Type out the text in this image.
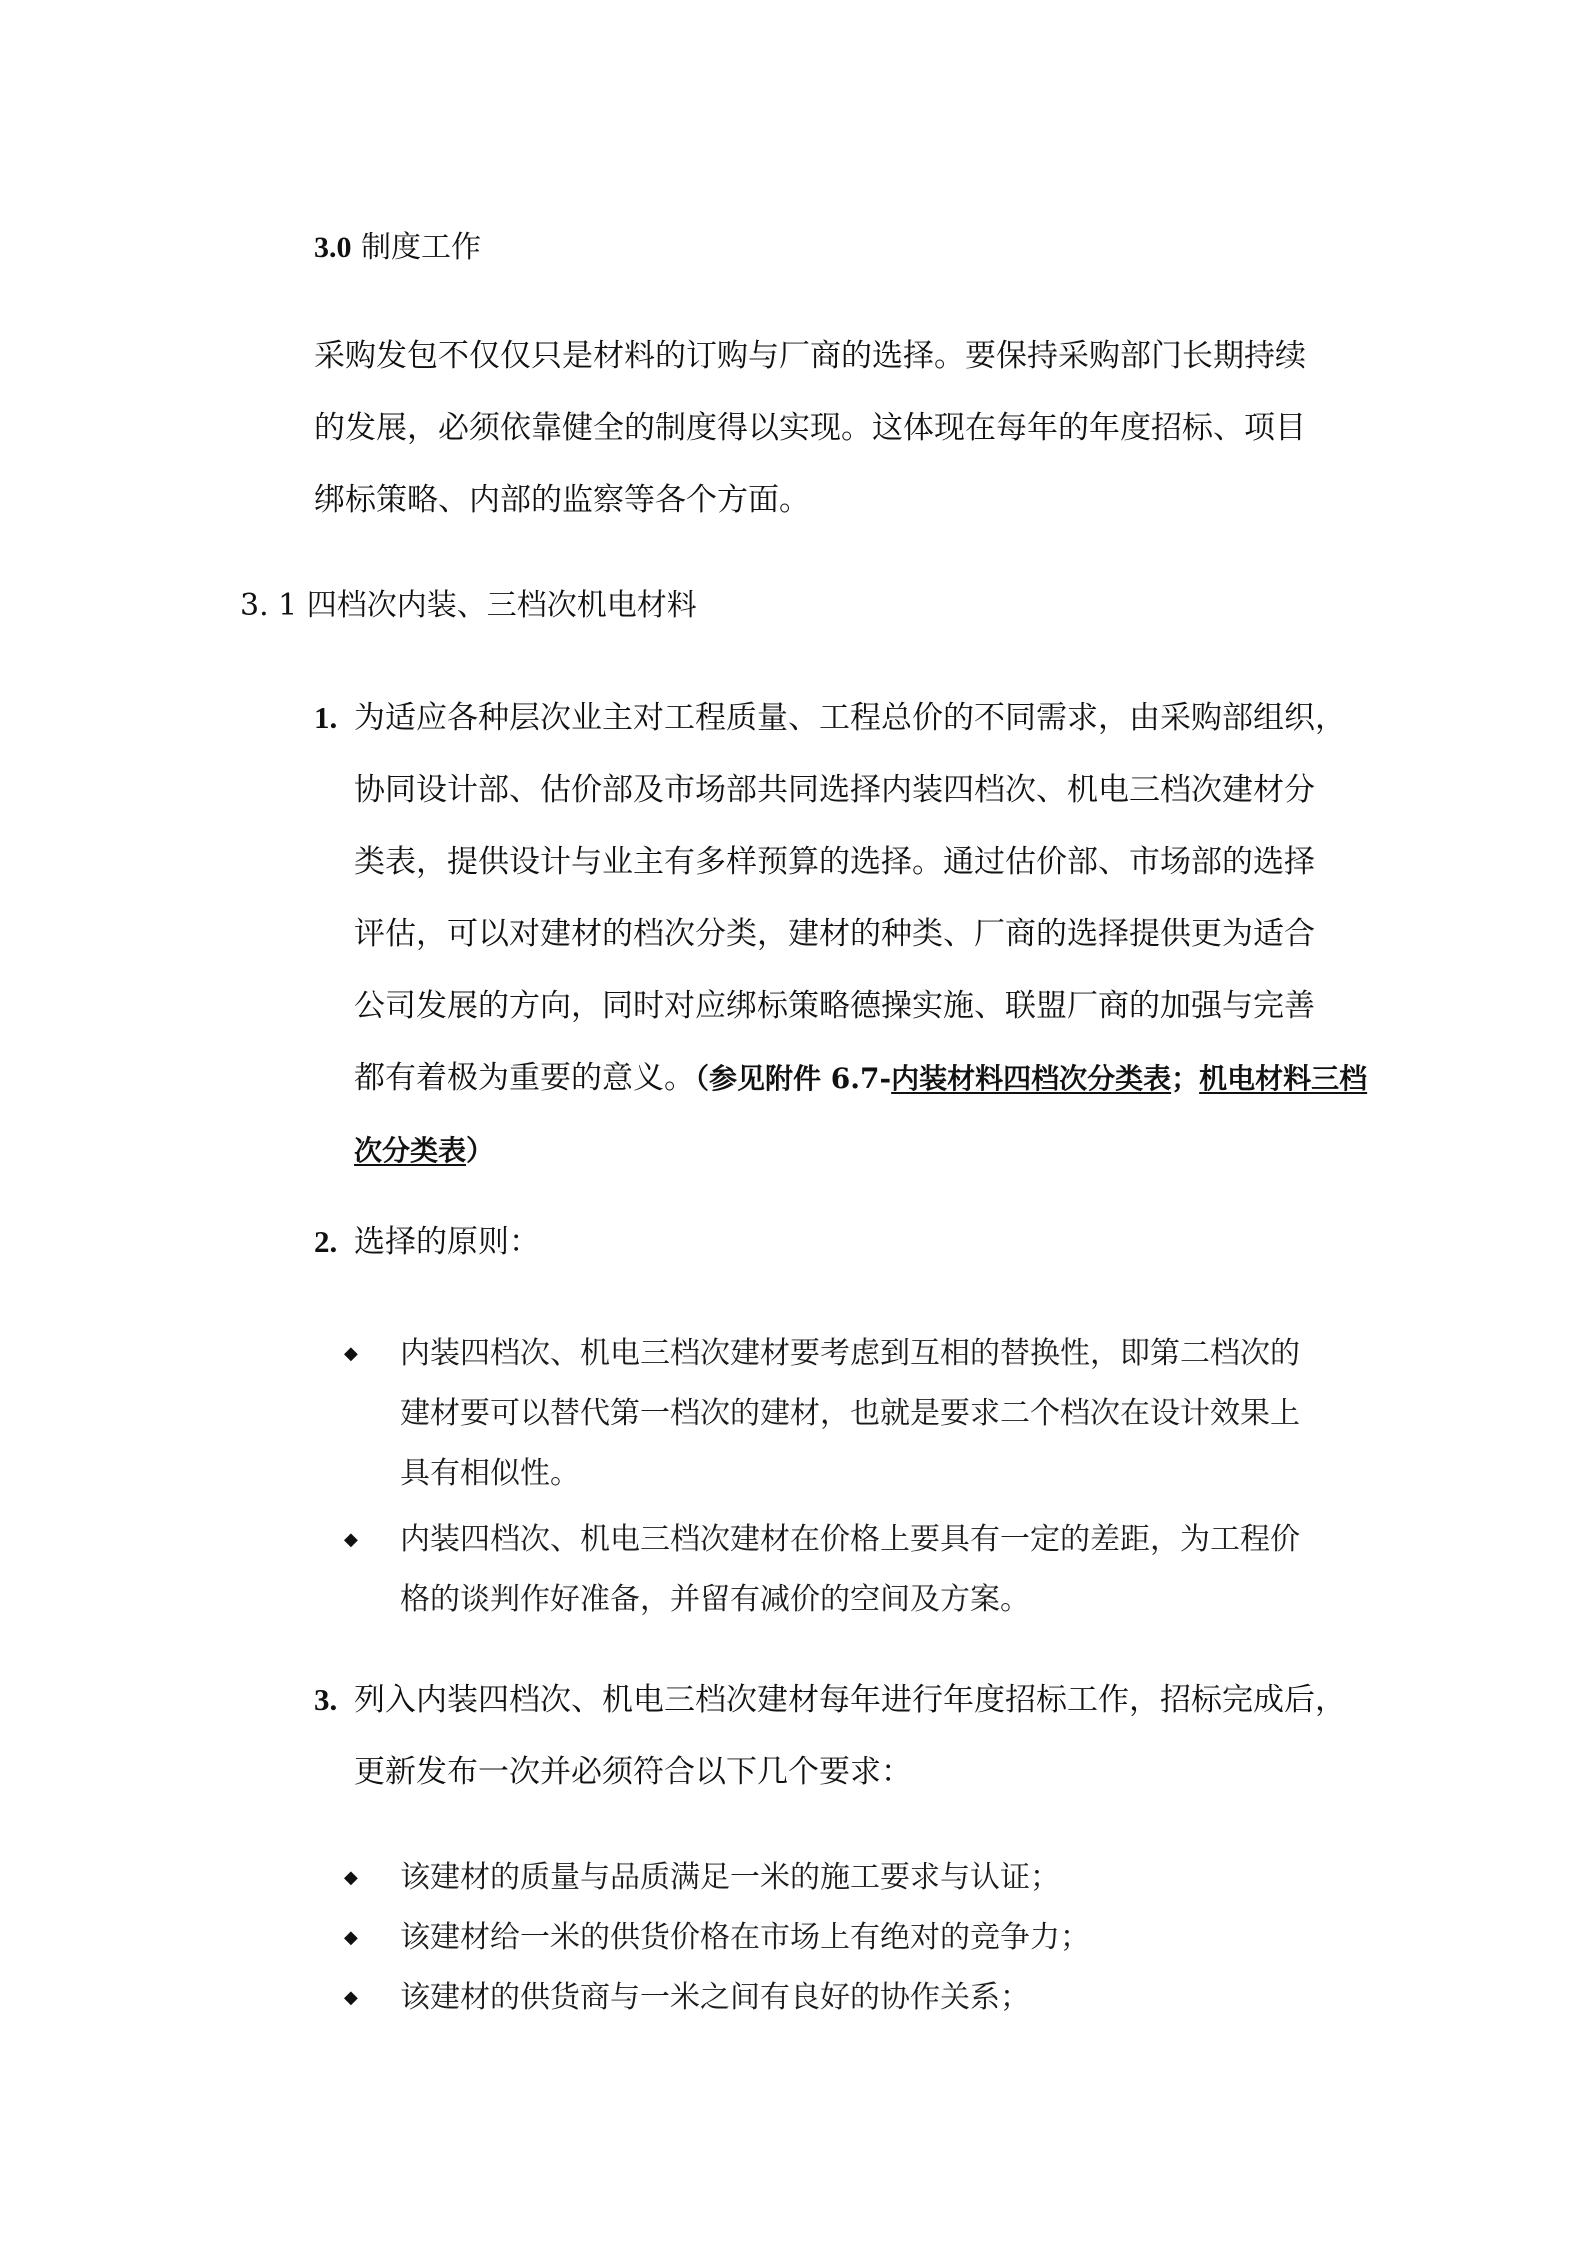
3.0 制度工作
采购发包不仅仅只是材料的订购与厂商的选择。要保持采购部门长期持续
的发展，必须依靠健全的制度得以实现。这体现在每年的年度招标、项目
绑标策略、内部的监察等各个方面。
3. 1 四档次内装、三档次机电材料
1. 为适应各种层次业主对工程质量、工程总价的不同需求，由采购部组织，
协同设计部、估价部及市场部共同选择内装四档次、机电三档次建材分
类表，提供设计与业主有多样预算的选择。通过估价部、市场部的选择
评估，可以对建材的档次分类，建材的种类、厂商的选择提供更为适合
公司发展的方向，同时对应绑标策略德操实施、联盟厂商的加强与完善
都有着极为重要的意义。（参见附件 6.7-内装材料四档次分类表；机电材料三档
次分类表）
2. 选择的原则：
◆ 内装四档次、机电三档次建材要考虑到互相的替换性，即第二档次的
建材要可以替代第一档次的建材，也就是要求二个档次在设计效果上
具有相似性。
◆ 内装四档次、机电三档次建材在价格上要具有一定的差距，为工程价
格的谈判作好准备，并留有减价的空间及方案。
3. 列入内装四档次、机电三档次建材每年进行年度招标工作，招标完成后，
更新发布一次并必须符合以下几个要求：
◆ 该建材的质量与品质满足一米的施工要求与认证；
◆ 该建材给一米的供货价格在市场上有绝对的竞争力；
◆ 该建材的供货商与一米之间有良好的协作关系；
